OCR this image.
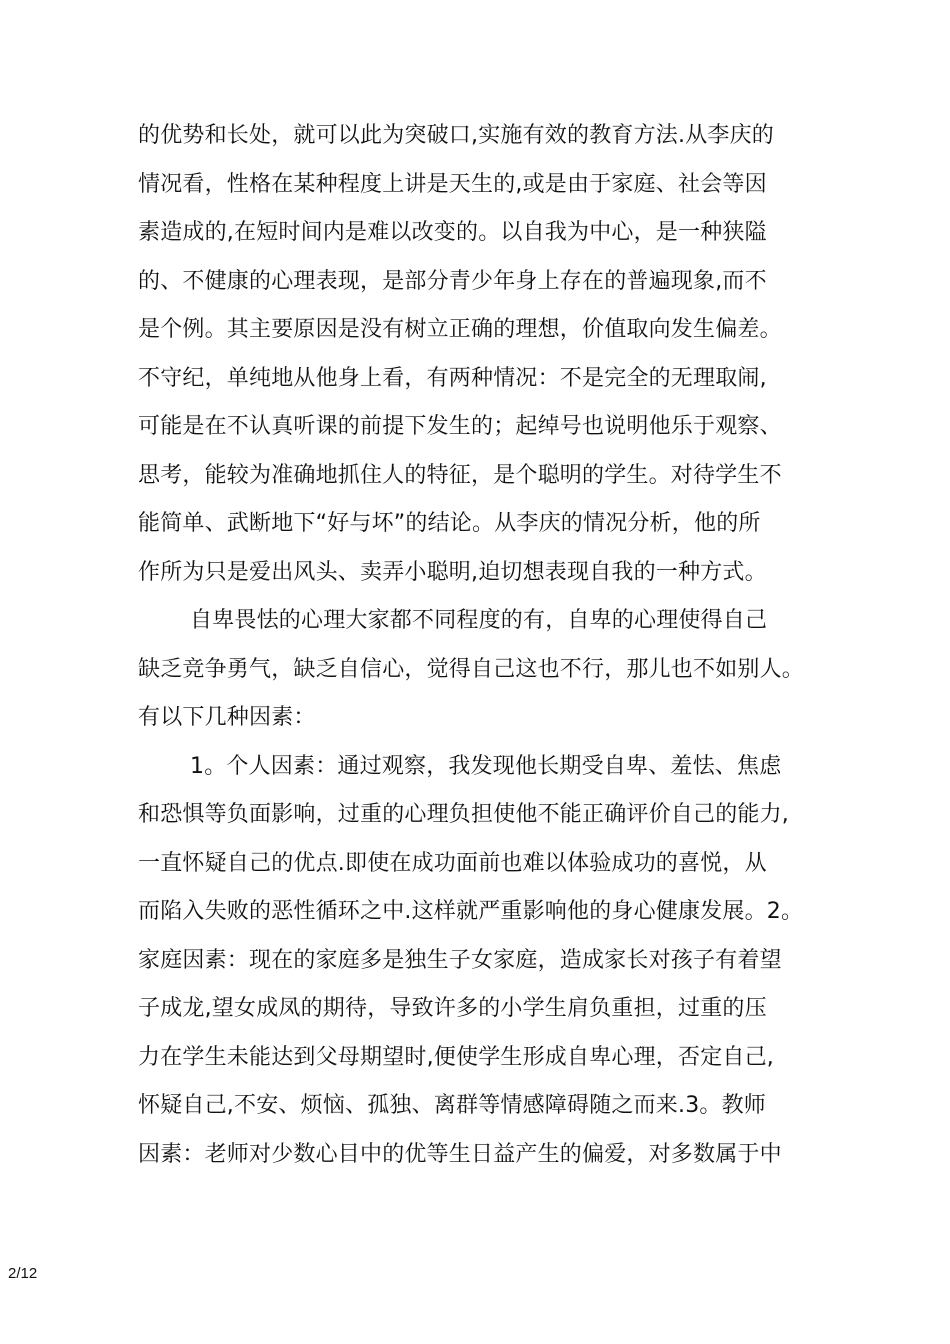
的优势和长处，就可以此为突破口,实施有效的教育方法.从李庆的
情况看，性格在某种程度上讲是天生的,或是由于家庭、社会等因
素造成的,在短时间内是难以改变的。以自我为中心，是一种狭隘
的、不健康的心理表现，是部分青少年身上存在的普遍现象,而不
是个例。其主要原因是没有树立正确的理想，价值取向发生偏差。
不守纪，单纯地从他身上看，有两种情况：不是完全的无理取闹,
可能是在不认真听课的前提下发生的；起绰号也说明他乐于观察、
思考，能较为准确地抓住人的特征，是个聪明的学生。对待学生不
能简单、武断地下“好与坏”的结论。从李庆的情况分析，他的所
作所为只是爱出风头、卖弄小聪明,迫切想表现自我的一种方式。
自卑畏怯的心理大家都不同程度的有，自卑的心理使得自己
缺乏竞争勇气，缺乏自信心，觉得自己这也不行，那儿也不如别人。
有以下几种因素：
1。个人因素：通过观察，我发现他长期受自卑、羞怯、焦虑
和恐惧等负面影响，过重的心理负担使他不能正确评价自己的能力,
一直怀疑自己的优点.即使在成功面前也难以体验成功的喜悦，从
而陷入失败的恶性循环之中.这样就严重影响他的身心健康发展。2。
家庭因素：现在的家庭多是独生子女家庭，造成家长对孩子有着望
子成龙,望女成凤的期待，导致许多的小学生肩负重担，过重的压
力在学生未能达到父母期望时,便使学生形成自卑心理，否定自己,
怀疑自己,不安、烦恼、孤独、离群等情感障碍随之而来.3。教师
因素：老师对少数心目中的优等生日益产生的偏爱，对多数属于中
2/12
